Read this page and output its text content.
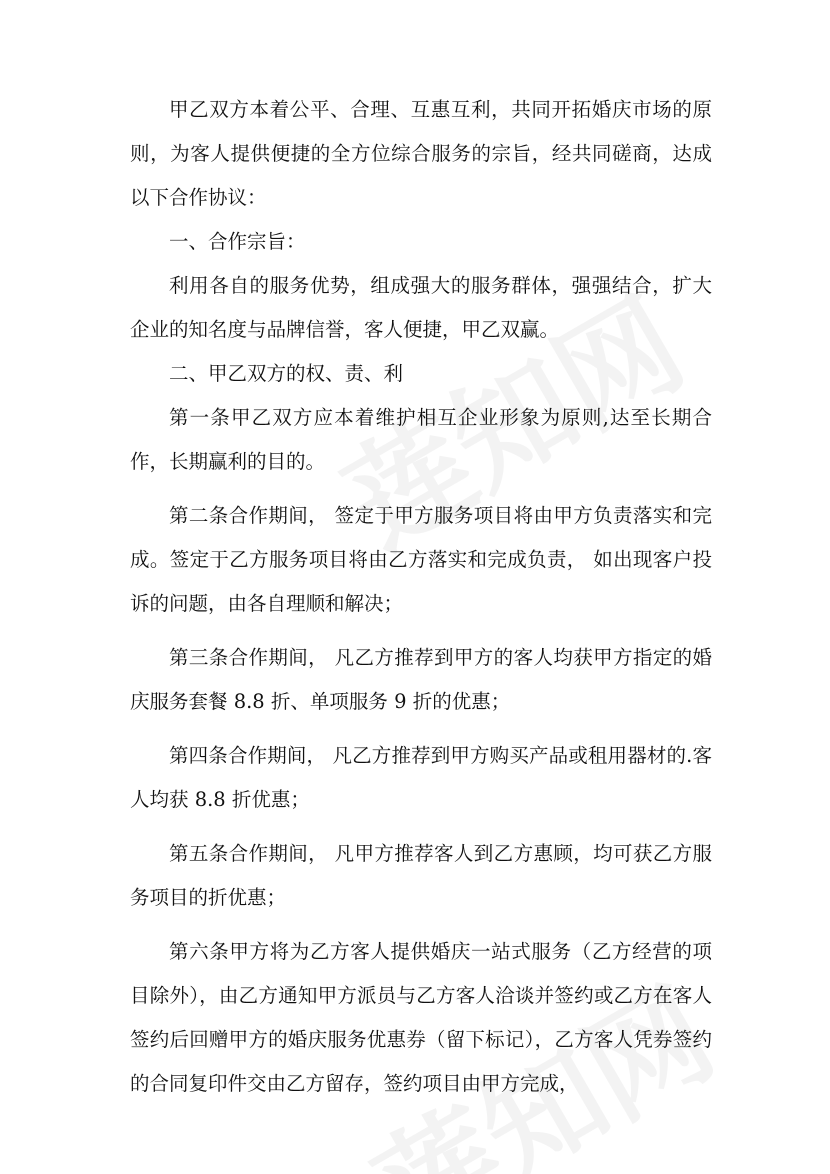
甲乙双方本着公平、合理、互惠互利，共同开拓婚庆市场的原则，为客人提供便捷的全方位综合服务的宗旨，经共同磋商，达成以下合作协议：

一、合作宗旨：

利用各自的服务优势，组成强大的服务群体，强强结合，扩大企业的知名度与品牌信誉，客人便捷，甲乙双赢。

二、甲乙双方的权、责、利

第一条甲乙双方应本着维护相互企业形象为原则,达至长期合作，长期赢利的目的。

第二条合作期间， 签定于甲方服务项目将由甲方负责落实和完成。签定于乙方服务项目将由乙方落实和完成负责， 如出现客户投诉的问题，由各自理顺和解决；

第三条合作期间， 凡乙方推荐到甲方的客人均获甲方指定的婚庆服务套餐 8.8 折、单项服务 9 折的优惠；

第四条合作期间， 凡乙方推荐到甲方购买产品或租用器材的.客人均获 8.8 折优惠；

第五条合作期间， 凡甲方推荐客人到乙方惠顾，均可获乙方服务项目的折优惠；

第六条甲方将为乙方客人提供婚庆一站式服务（乙方经营的项目除外），由乙方通知甲方派员与乙方客人洽谈并签约或乙方在客人签约后回赠甲方的婚庆服务优惠券（留下标记），乙方客人凭券签约的合同复印件交由乙方留存，签约项目由甲方完成，
